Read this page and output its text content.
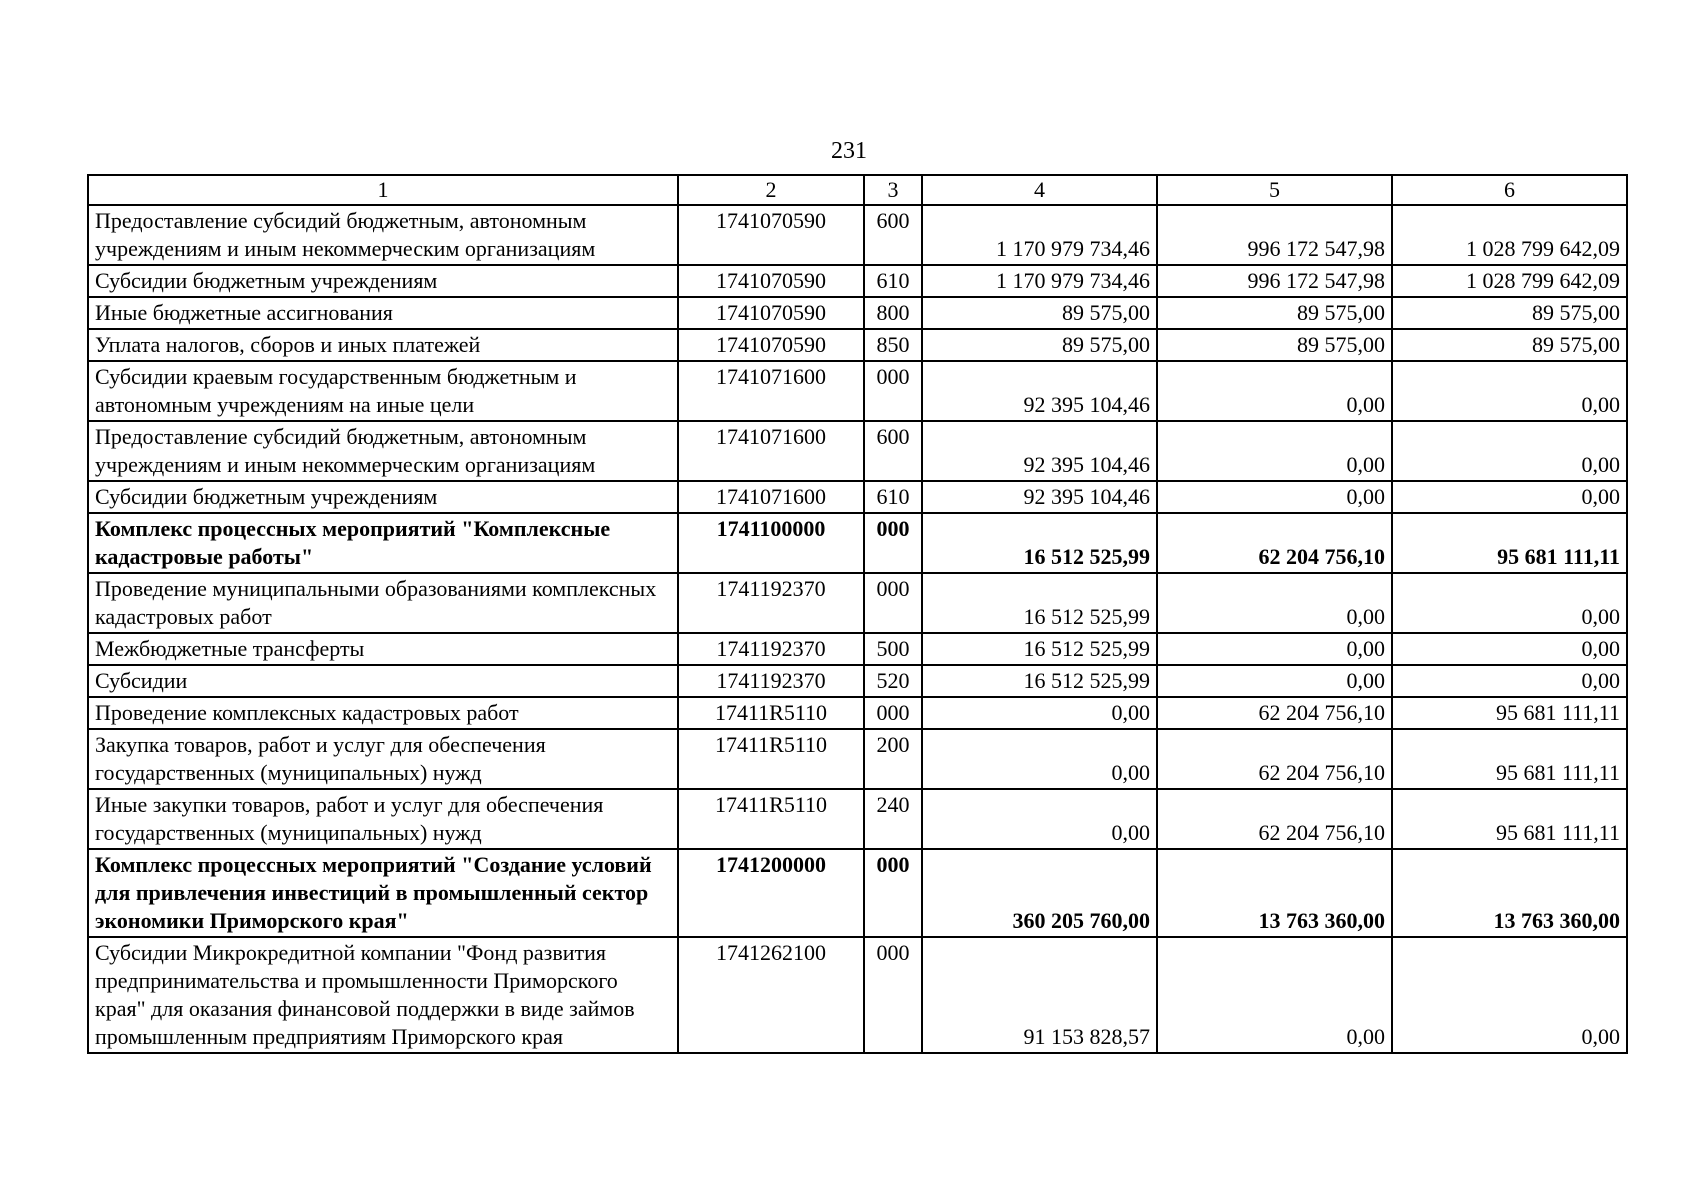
231
1	2	3	4	5	6
Предоставление субсидий бюджетным, автономным учреждениям и иным некоммерческим организациям	1741070590	600	1 170 979 734,46	996 172 547,98	1 028 799 642,09
Субсидии бюджетным учреждениям	1741070590	610	1 170 979 734,46	996 172 547,98	1 028 799 642,09
Иные бюджетные ассигнования	1741070590	800	89 575,00	89 575,00	89 575,00
Уплата налогов, сборов и иных платежей	1741070590	850	89 575,00	89 575,00	89 575,00
Субсидии краевым государственным бюджетным и автономным учреждениям на иные цели	1741071600	000	92 395 104,46	0,00	0,00
Предоставление субсидий бюджетным, автономным учреждениям и иным некоммерческим организациям	1741071600	600	92 395 104,46	0,00	0,00
Субсидии бюджетным учреждениям	1741071600	610	92 395 104,46	0,00	0,00
Комплекс процессных мероприятий "Комплексные кадастровые работы"	1741100000	000	16 512 525,99	62 204 756,10	95 681 111,11
Проведение муниципальными образованиями комплексных кадастровых работ	1741192370	000	16 512 525,99	0,00	0,00
Межбюджетные трансферты	1741192370	500	16 512 525,99	0,00	0,00
Субсидии	1741192370	520	16 512 525,99	0,00	0,00
Проведение комплексных кадастровых работ	17411R5110	000	0,00	62 204 756,10	95 681 111,11
Закупка товаров, работ и услуг для обеспечения государственных (муниципальных) нужд	17411R5110	200	0,00	62 204 756,10	95 681 111,11
Иные закупки товаров, работ и услуг для обеспечения государственных (муниципальных) нужд	17411R5110	240	0,00	62 204 756,10	95 681 111,11
Комплекс процессных мероприятий "Создание условий для привлечения инвестиций в промышленный сектор экономики Приморского края"	1741200000	000	360 205 760,00	13 763 360,00	13 763 360,00
Субсидии Микрокредитной компании "Фонд развития предпринимательства и промышленности Приморского края" для оказания финансовой поддержки в виде займов промышленным предприятиям Приморского края	1741262100	000	91 153 828,57	0,00	0,00
